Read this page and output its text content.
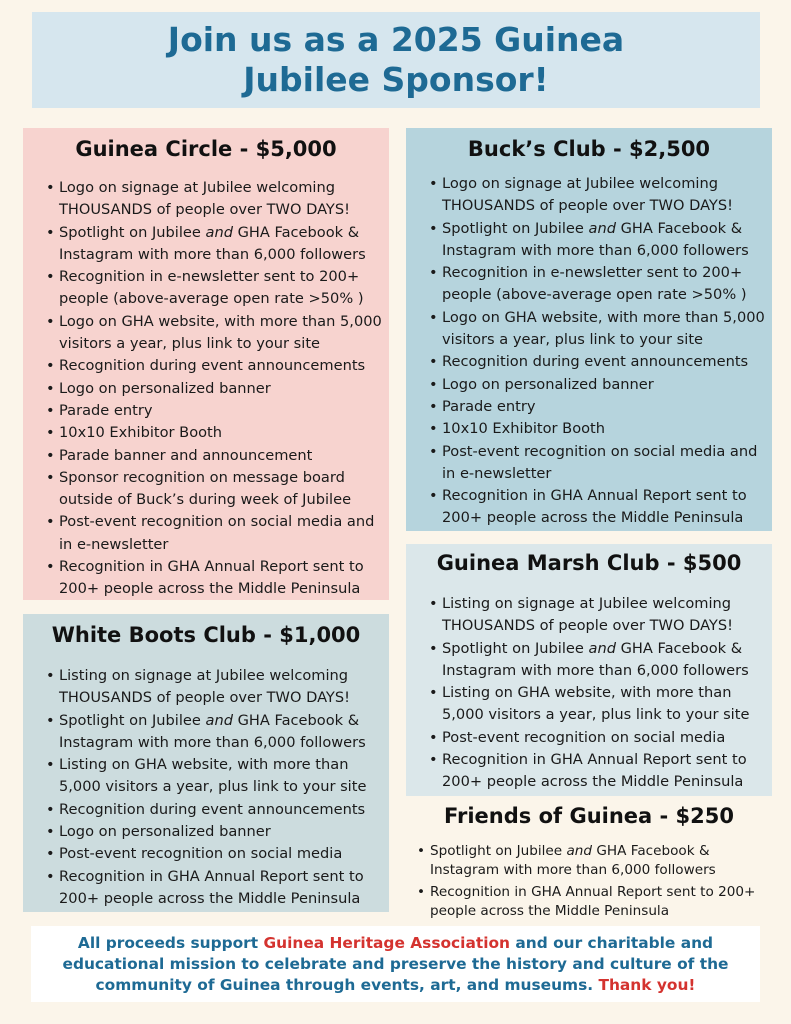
Join us as a 2025 Guinea Jubilee Sponsor!
Guinea Circle - $5,000
• Logo on signage at Jubilee welcoming THOUSANDS of people over TWO DAYS!
• Spotlight on Jubilee and GHA Facebook & Instagram with more than 6,000 followers
• Recognition in e-newsletter sent to 200+ people (above-average open rate >50% )
• Logo on GHA website, with more than 5,000 visitors a year, plus link to your site
• Recognition during event announcements
• Logo on personalized banner
• Parade entry
• 10x10 Exhibitor Booth
• Parade banner and announcement
• Sponsor recognition on message board outside of Buck’s during week of Jubilee
• Post-event recognition on social media and in e-newsletter
• Recognition in GHA Annual Report sent to 200+ people across the Middle Peninsula
Buck’s Club - $2,500
• Logo on signage at Jubilee welcoming THOUSANDS of people over TWO DAYS!
• Spotlight on Jubilee and GHA Facebook & Instagram with more than 6,000 followers
• Recognition in e-newsletter sent to 200+ people (above-average open rate >50% )
• Logo on GHA website, with more than 5,000 visitors a year, plus link to your site
• Recognition during event announcements
• Logo on personalized banner
• Parade entry
• 10x10 Exhibitor Booth
• Post-event recognition on social media and in e-newsletter
• Recognition in GHA Annual Report sent to 200+ people across the Middle Peninsula
White Boots Club - $1,000
• Listing on signage at Jubilee welcoming THOUSANDS of people over TWO DAYS!
• Spotlight on Jubilee and GHA Facebook & Instagram with more than 6,000 followers
• Listing on GHA website, with more than 5,000 visitors a year, plus link to your site
• Recognition during event announcements
• Logo on personalized banner
• Post-event recognition on social media
• Recognition in GHA Annual Report sent to 200+ people across the Middle Peninsula
Guinea Marsh Club - $500
• Listing on signage at Jubilee welcoming THOUSANDS of people over TWO DAYS!
• Spotlight on Jubilee and GHA Facebook & Instagram with more than 6,000 followers
• Listing on GHA website, with more than 5,000 visitors a year, plus link to your site
• Post-event recognition on social media
• Recognition in GHA Annual Report sent to 200+ people across the Middle Peninsula
Friends of Guinea - $250
• Spotlight on Jubilee and GHA Facebook & Instagram with more than 6,000 followers
• Recognition in GHA Annual Report sent to 200+ people across the Middle Peninsula

All proceeds support Guinea Heritage Association and our charitable and educational mission to celebrate and preserve the history and culture of the community of Guinea through events, art, and museums. Thank you!
